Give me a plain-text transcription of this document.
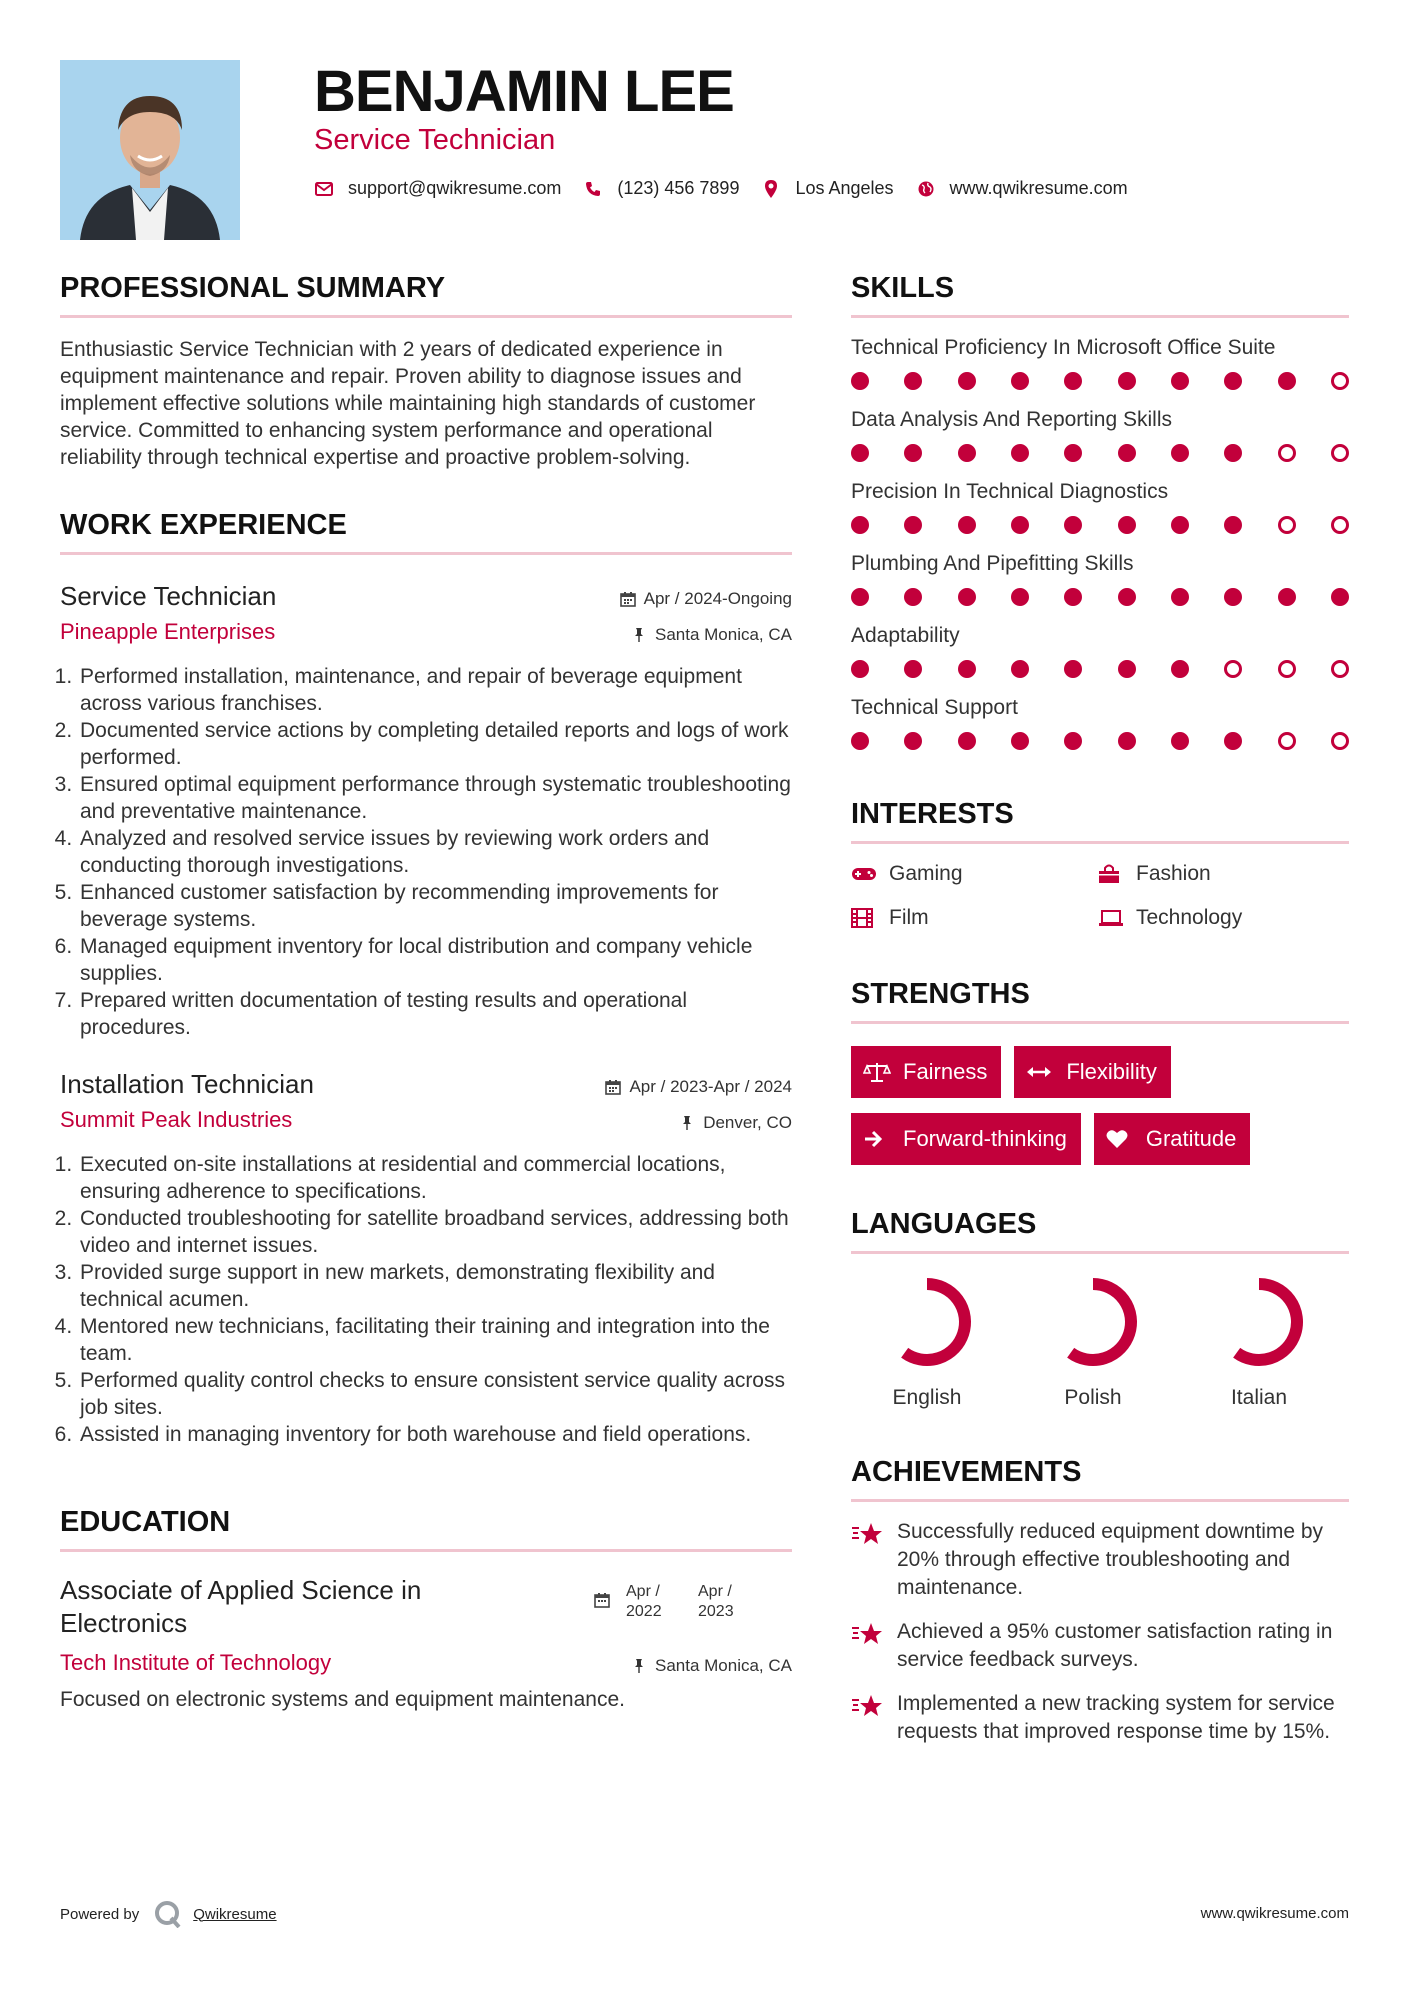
BENJAMIN LEE
Service Technician
support@qwikresume.com	(123) 456 7899	Los Angeles	www.qwikresume.com
PROFESSIONAL SUMMARY
Enthusiastic Service Technician with 2 years of dedicated experience in equipment maintenance and repair. Proven ability to diagnose issues and implement effective solutions while maintaining high standards of customer service. Committed to enhancing system performance and operational reliability through technical expertise and proactive problem-solving.
WORK EXPERIENCE
Service Technician	Apr / 2024-Ongoing
Pineapple Enterprises	Santa Monica, CA
1. Performed installation, maintenance, and repair of beverage equipment across various franchises.
2. Documented service actions by completing detailed reports and logs of work performed.
3. Ensured optimal equipment performance through systematic troubleshooting and preventative maintenance.
4. Analyzed and resolved service issues by reviewing work orders and conducting thorough investigations.
5. Enhanced customer satisfaction by recommending improvements for beverage systems.
6. Managed equipment inventory for local distribution and company vehicle supplies.
7. Prepared written documentation of testing results and operational procedures.
Installation Technician	Apr / 2023-Apr / 2024
Summit Peak Industries	Denver, CO
1. Executed on-site installations at residential and commercial locations, ensuring adherence to specifications.
2. Conducted troubleshooting for satellite broadband services, addressing both video and internet issues.
3. Provided surge support in new markets, demonstrating flexibility and technical acumen.
4. Mentored new technicians, facilitating their training and integration into the team.
5. Performed quality control checks to ensure consistent service quality across job sites.
6. Assisted in managing inventory for both warehouse and field operations.
EDUCATION
Associate of Applied Science in Electronics
Apr / 2022
Apr / 2023
Tech Institute of Technology	Santa Monica, CA
Focused on electronic systems and equipment maintenance.
SKILLS
Technical Proficiency In Microsoft Office Suite
Data Analysis And Reporting Skills
Precision In Technical Diagnostics
Plumbing And Pipefitting Skills
Adaptability
Technical Support
INTERESTS
Gaming	Fashion
Film	Technology
STRENGTHS
Fairness	Flexibility
Forward-thinking	Gratitude
LANGUAGES
English	Polish	Italian
ACHIEVEMENTS
Successfully reduced equipment downtime by 20% through effective troubleshooting and maintenance.
Achieved a 95% customer satisfaction rating in service feedback surveys.
Implemented a new tracking system for service requests that improved response time by 15%.
Powered by	Qwikresume	www.qwikresume.com
